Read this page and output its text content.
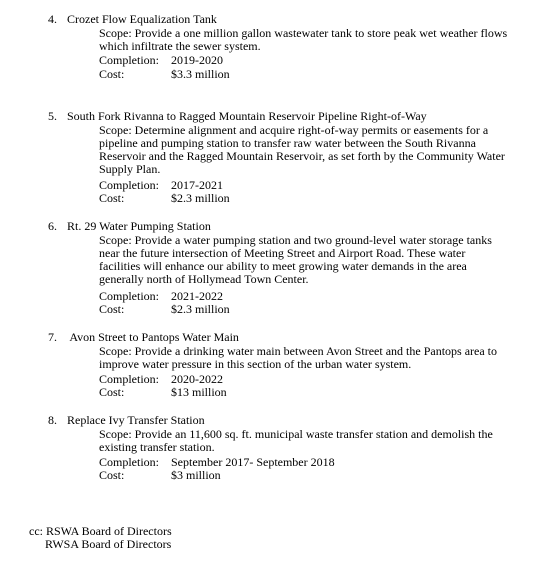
4. Crozet Flow Equalization Tank
Scope: Provide a one million gallon wastewater tank to store peak wet weather flows
which infiltrate the sewer system.
Completion: 2019-2020
Cost:	$3.3 million
5. South Fork Rivanna to Ragged Mountain Reservoir Pipeline Right-of-Way
Scope: Determine alignment and acquire right-of-way permits or easements for a
pipeline and pumping station to transfer raw water between the South Rivanna
Reservoir and the Ragged Mountain Reservoir, as set forth by the Community Water
Supply Plan.
Completion: 2017-2021
Cost:	$2.3 million
6. Rt. 29 Water Pumping Station
Scope: Provide a water pumping station and two ground-level water storage tanks
near the future intersection of Meeting Street and Airport Road. These water
facilities will enhance our ability to meet growing water demands in the area
generally north of Hollymead Town Center.
Completion: 2021-2022
Cost:	$2.3 million
7. Avon Street to Pantops Water Main
Scope: Provide a drinking water main between Avon Street and the Pantops area to
improve water pressure in this section of the urban water system.
Completion: 2020-2022
Cost:	$13 million
8. Replace Ivy Transfer Station
Scope: Provide an 11,600 sq. ft. municipal waste transfer station and demolish the
existing transfer station.
Completion: September 2017- September 2018
Cost:	$3 million
cc: RSWA Board of Directors
RWSA Board of Directors
